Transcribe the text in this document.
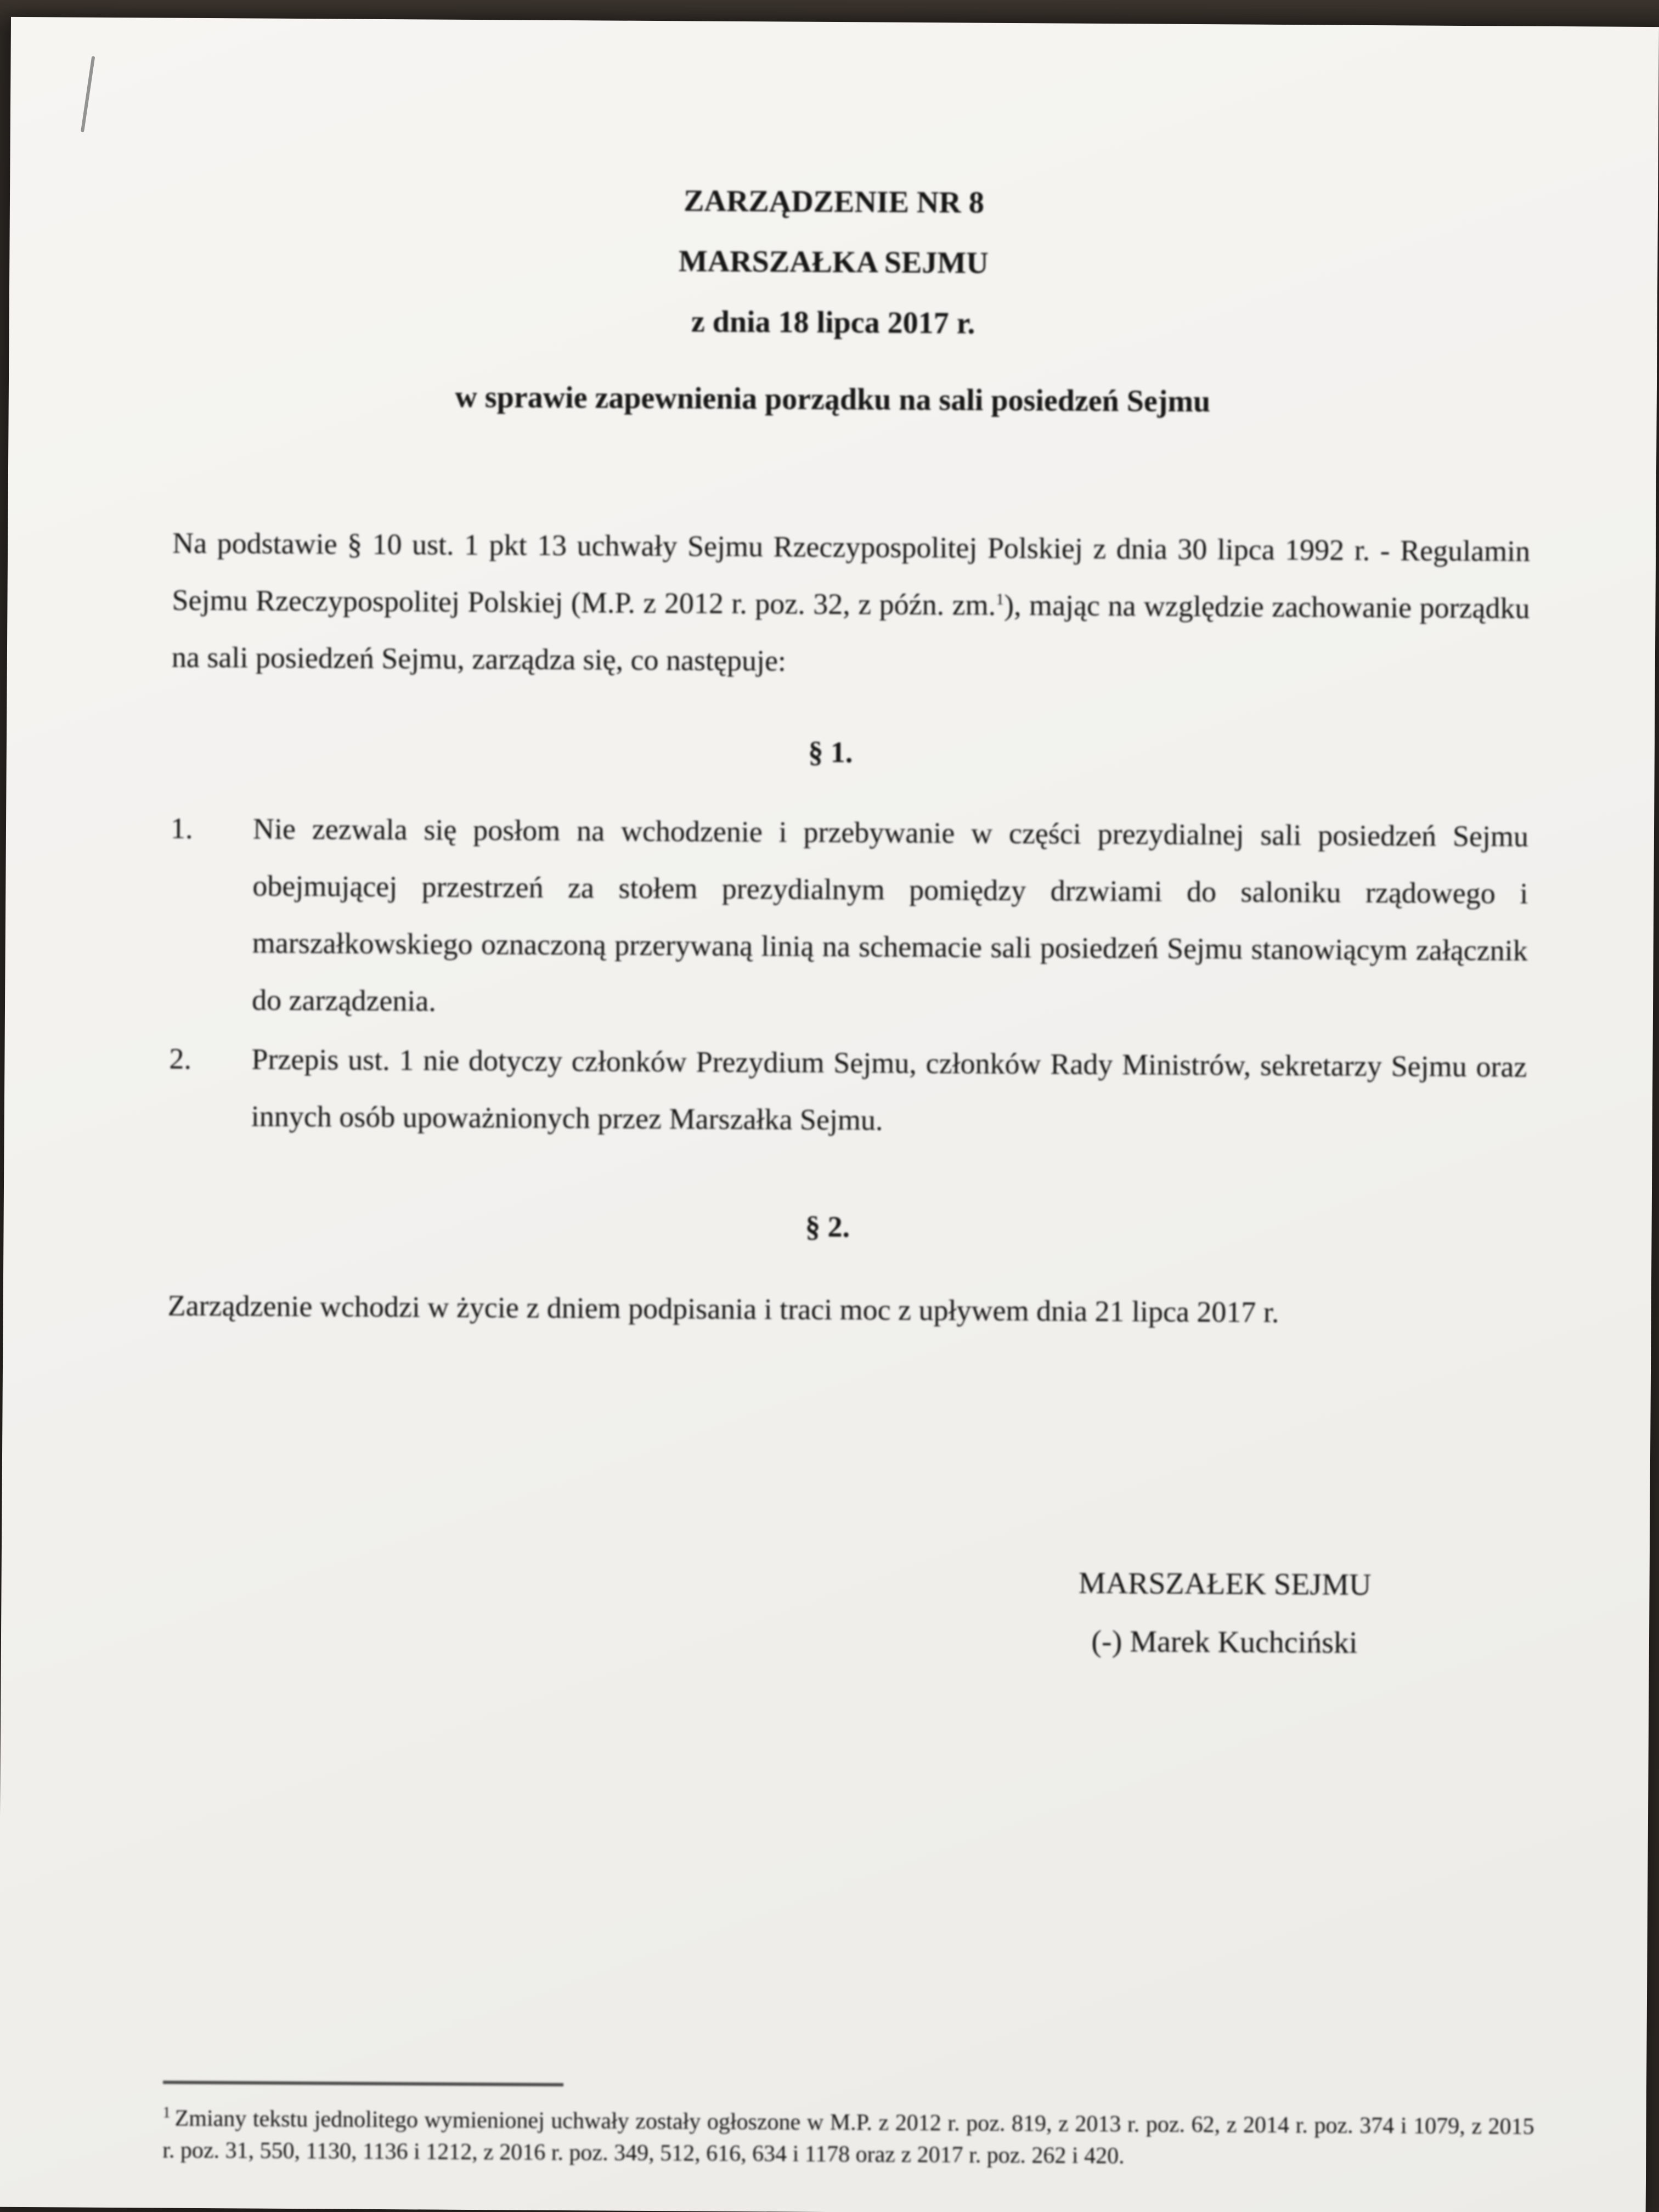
ZARZĄDZENIE NR 8
MARSZAŁKA SEJMU
z dnia 18 lipca 2017 r.
w sprawie zapewnienia porządku na sali posiedzeń Sejmu
Na podstawie § 10 ust. 1 pkt 13 uchwały Sejmu Rzeczypospolitej Polskiej z dnia 30 lipca 1992 r. - Regulamin Sejmu Rzeczypospolitej Polskiej (M.P. z 2012 r. poz. 32, z późn. zm.$^1$), mając na względzie zachowanie porządku na sali posiedzeń Sejmu, zarządza się, co następuje:
§ 1.
1. Nie zezwala się posłom na wchodzenie i przebywanie w części prezydialnej sali posiedzeń Sejmu obejmującej przestrzeń za stołem prezydialnym pomiędzy drzwiami do saloniku rządowego i marszałkowskiego oznaczoną przerywaną linią na schemacie sali posiedzeń Sejmu stanowiącym załącznik do zarządzenia.
2. Przepis ust. 1 nie dotyczy członków Prezydium Sejmu, członków Rady Ministrów, sekretarzy Sejmu oraz innych osób upoważnionych przez Marszałka Sejmu.
§ 2.
Zarządzenie wchodzi w życie z dniem podpisania i traci moc z upływem dnia 21 lipca 2017 r.
MARSZAŁEK SEJMU
(-) Marek Kuchciński
$^1$ Zmiany tekstu jednolitego wymienionej uchwały zostały ogłoszone w M.P. z 2012 r. poz. 819, z 2013 r. poz. 62, z 2014 r. poz. 374 i 1079, z 2015 r. poz. 31, 550, 1130, 1136 i 1212, z 2016 r. poz. 349, 512, 616, 634 i 1178 oraz z 2017 r. poz. 262 i 420.
